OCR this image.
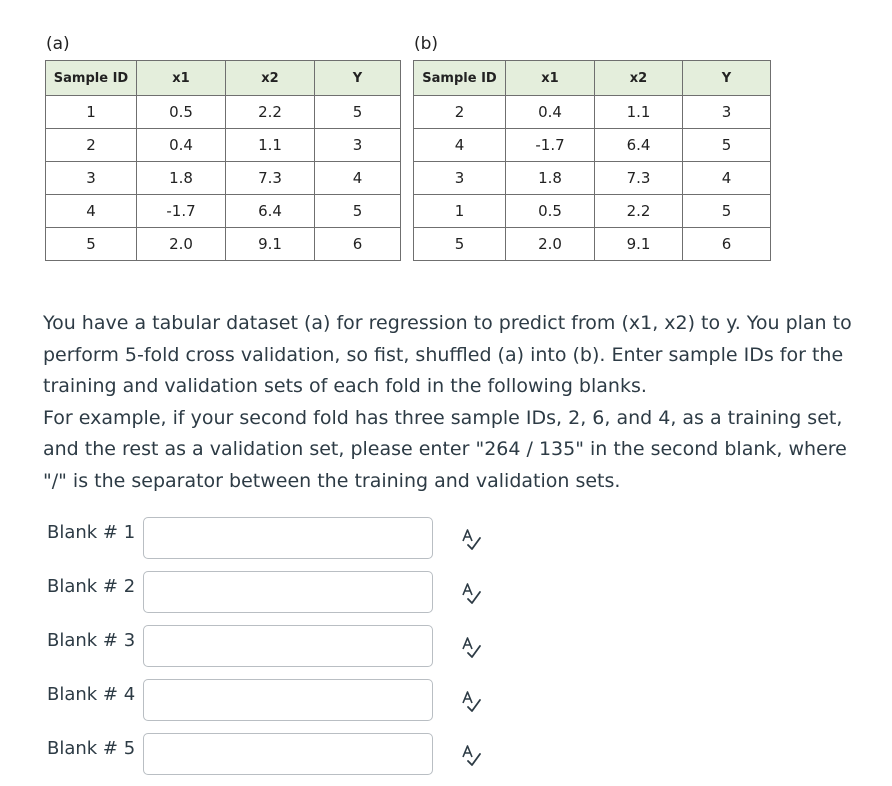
(a)
Sample ID	x1	x2	Y
1	0.5	2.2	5
2	0.4	1.1	3
3	1.8	7.3	4
4	-1.7	6.4	5
5	2.0	9.1	6
(b)
Sample ID	x1	x2	Y
2	0.4	1.1	3
4	-1.7	6.4	5
3	1.8	7.3	4
1	0.5	2.2	5
5	2.0	9.1	6

You have a tabular dataset (a) for regression to predict from (x1, x2) to y. You plan to perform 5-fold cross validation, so fist, shuffled (a) into (b). Enter sample IDs for the training and validation sets of each fold in the following blanks.

For example, if your second fold has three sample IDs, 2, 6, and 4, as a training set, and the rest as a validation set, please enter "264 / 135" in the second blank, where "/" is the separator between the training and validation sets.

Blank # 1
Blank # 2
Blank # 3
Blank # 4
Blank # 5
